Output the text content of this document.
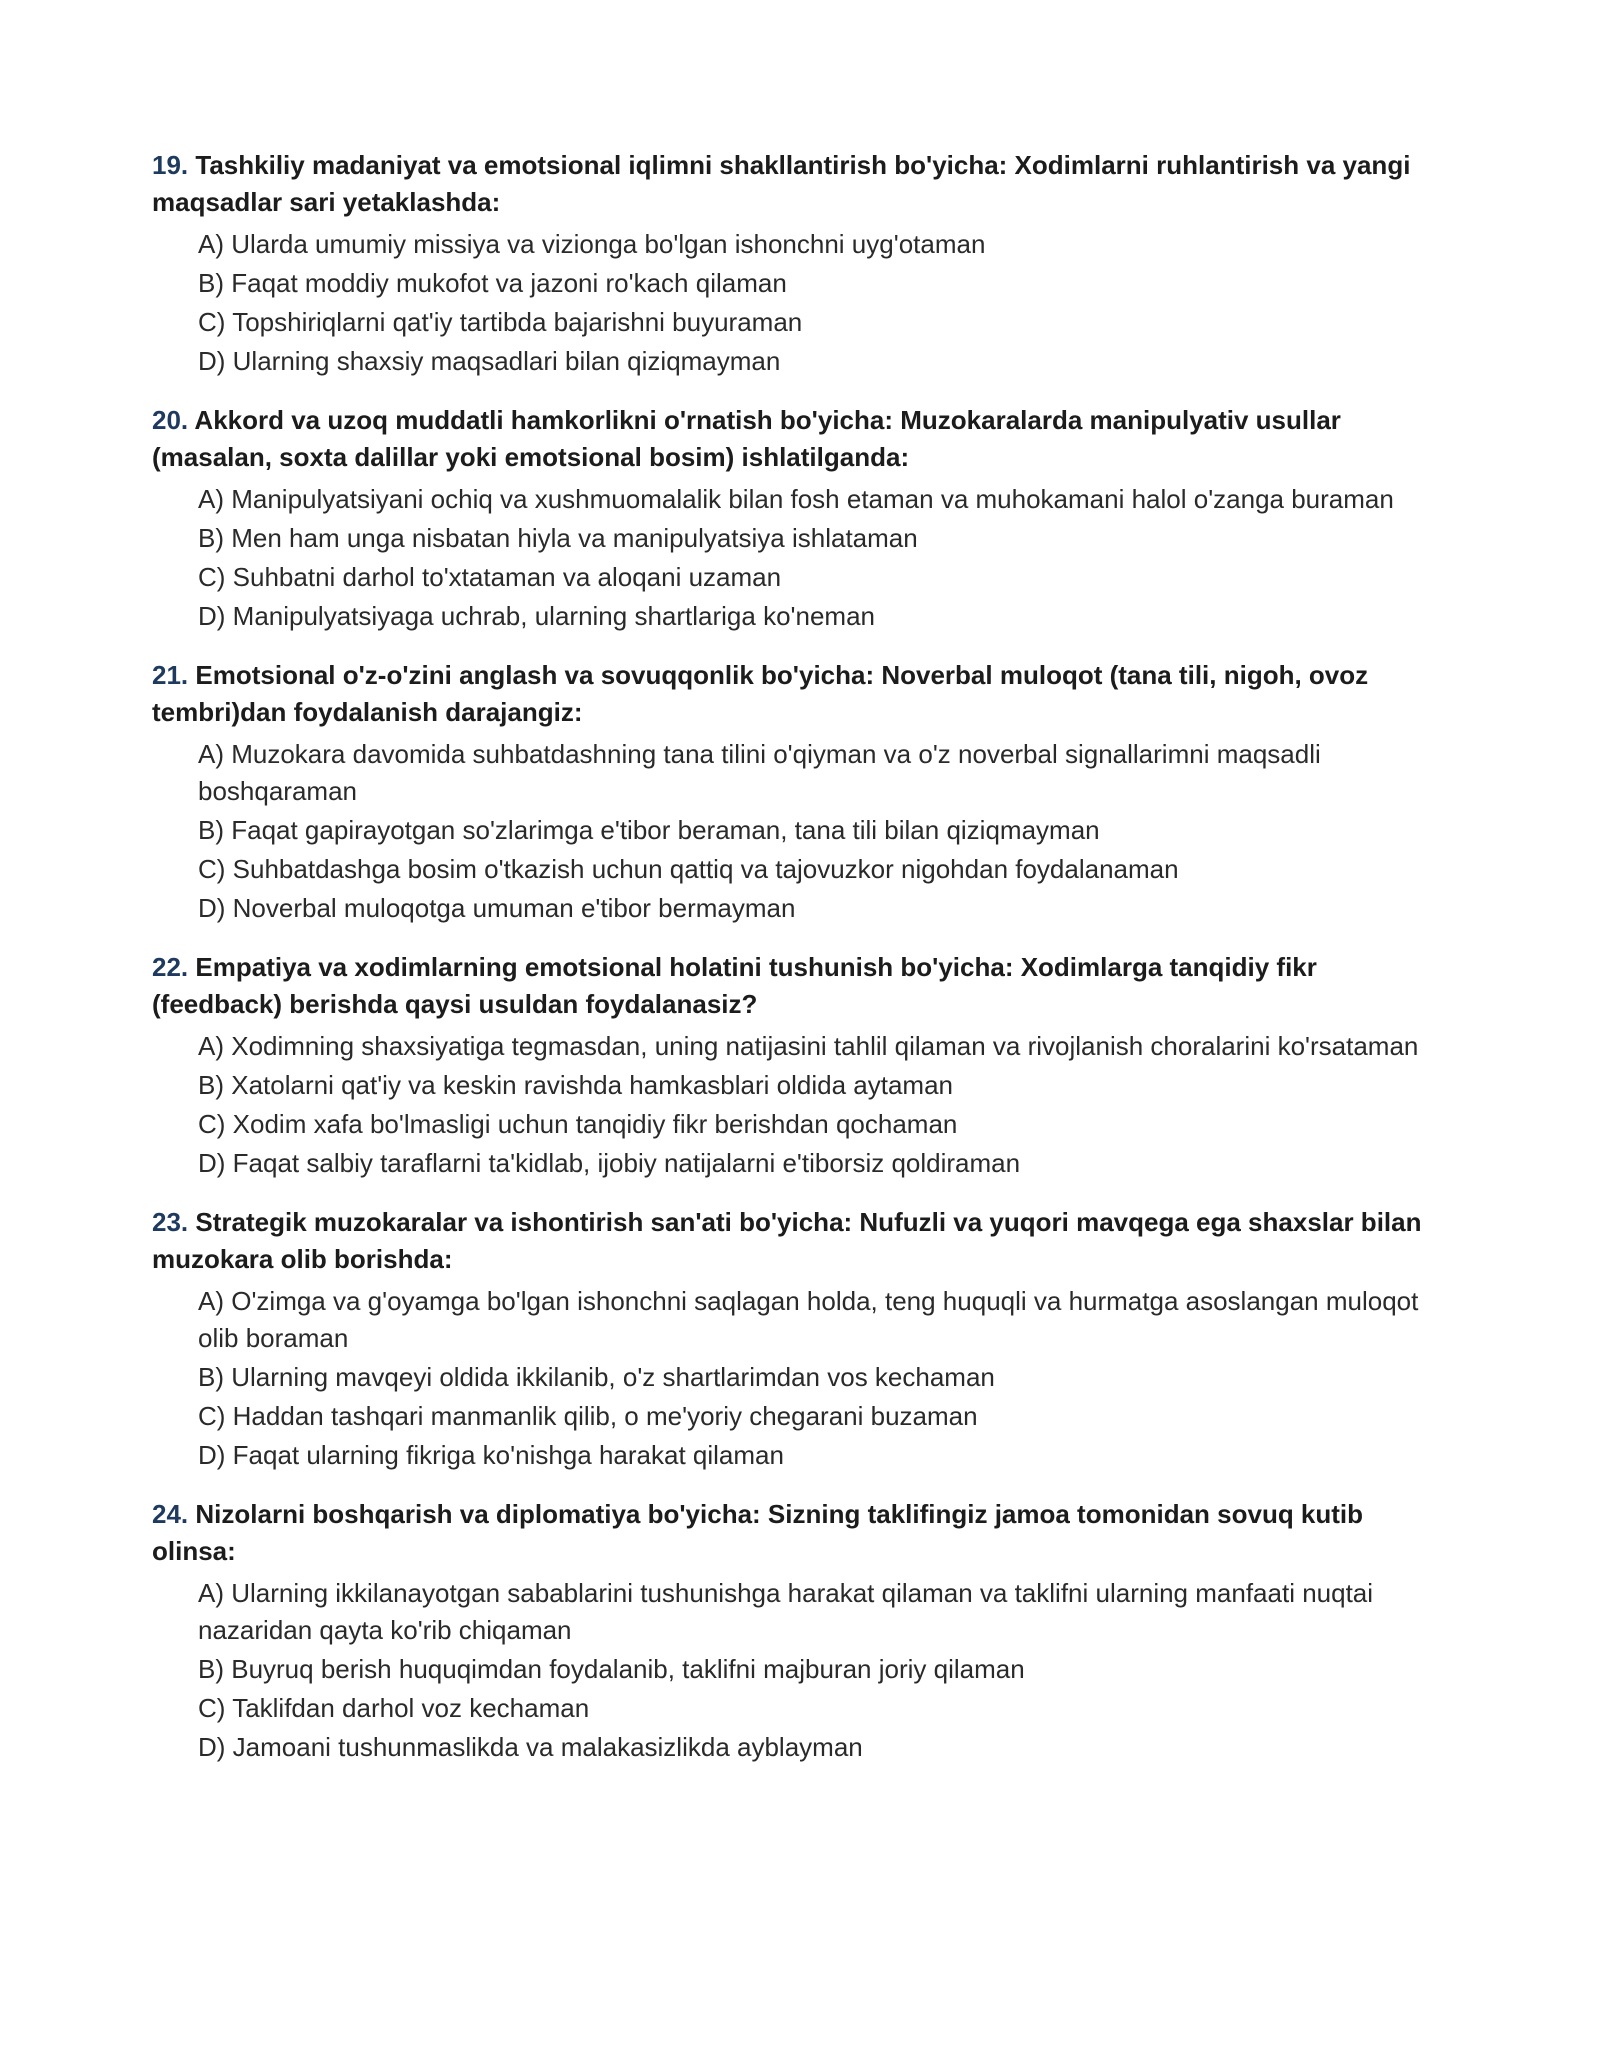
19. Tashkiliy madaniyat va emotsional iqlimni shakllantirish bo'yicha: Xodimlarni ruhlantirish va yangi maqsadlar sari yetaklashda:
A) Ularda umumiy missiya va vizionga bo'lgan ishonchni uyg'otaman
B) Faqat moddiy mukofot va jazoni ro'kach qilaman
C) Topshiriqlarni qat'iy tartibda bajarishni buyuraman
D) Ularning shaxsiy maqsadlari bilan qiziqmayman
20. Akkord va uzoq muddatli hamkorlikni o'rnatish bo'yicha: Muzokaralarda manipulyativ usullar (masalan, soxta dalillar yoki emotsional bosim) ishlatilganda:
A) Manipulyatsiyani ochiq va xushmuomalalik bilan fosh etaman va muhokamani halol o'zanga buraman
B) Men ham unga nisbatan hiyla va manipulyatsiya ishlataman
C) Suhbatni darhol to'xtataman va aloqani uzaman
D) Manipulyatsiyaga uchrab, ularning shartlariga ko'neman
21. Emotsional o'z-o'zini anglash va sovuqqonlik bo'yicha: Noverbal muloqot (tana tili, nigoh, ovoz tembri)dan foydalanish darajangiz:
A) Muzokara davomida suhbatdashning tana tilini o'qiyman va o'z noverbal signallarimni maqsadli boshqaraman
B) Faqat gapirayotgan so'zlarimga e'tibor beraman, tana tili bilan qiziqmayman
C) Suhbatdashga bosim o'tkazish uchun qattiq va tajovuzkor nigohdan foydalanaman
D) Noverbal muloqotga umuman e'tibor bermayman
22. Empatiya va xodimlarning emotsional holatini tushunish bo'yicha: Xodimlarga tanqidiy fikr (feedback) berishda qaysi usuldan foydalanasiz?
A) Xodimning shaxsiyatiga tegmasdan, uning natijasini tahlil qilaman va rivojlanish choralarini ko'rsataman
B) Xatolarni qat'iy va keskin ravishda hamkasblari oldida aytaman
C) Xodim xafa bo'lmasligi uchun tanqidiy fikr berishdan qochaman
D) Faqat salbiy taraflarni ta'kidlab, ijobiy natijalarni e'tiborsiz qoldiraman
23. Strategik muzokaralar va ishontirish san'ati bo'yicha: Nufuzli va yuqori mavqega ega shaxslar bilan muzokara olib borishda:
A) O'zimga va g'oyamga bo'lgan ishonchni saqlagan holda, teng huquqli va hurmatga asoslangan muloqot olib boraman
B) Ularning mavqeyi oldida ikkilanib, o'z shartlarimdan vos kechaman
C) Haddan tashqari manmanlik qilib, o me'yoriy chegarani buzaman
D) Faqat ularning fikriga ko'nishga harakat qilaman
24. Nizolarni boshqarish va diplomatiya bo'yicha: Sizning taklifingiz jamoa tomonidan sovuq kutib olinsa:
A) Ularning ikkilanayotgan sabablarini tushunishga harakat qilaman va taklifni ularning manfaati nuqtai nazaridan qayta ko'rib chiqaman
B) Buyruq berish huquqimdan foydalanib, taklifni majburan joriy qilaman
C) Taklifdan darhol voz kechaman
D) Jamoani tushunmaslikda va malakasizlikda ayblayman
